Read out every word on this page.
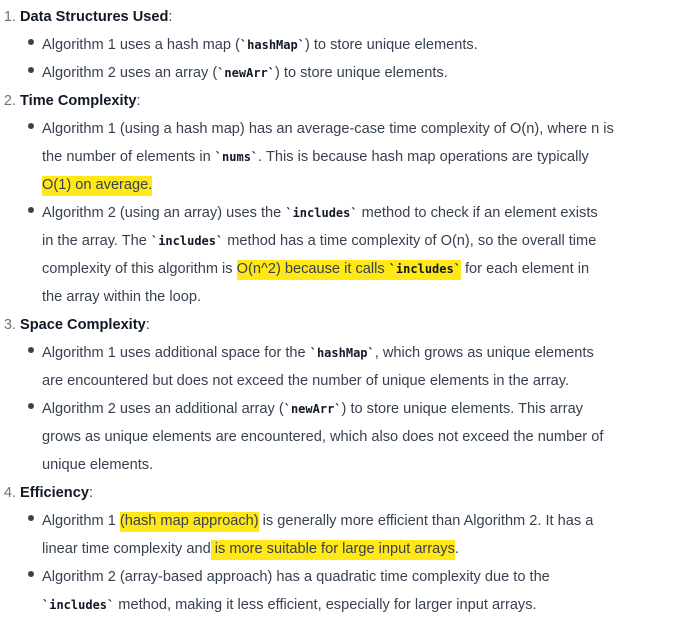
1. Data Structures Used:
Algorithm 1 uses a hash map (`hashMap`) to store unique elements.
Algorithm 2 uses an array (`newArr`) to store unique elements.
2. Time Complexity:
Algorithm 1 (using a hash map) has an average-case time complexity of O(n), where n is
the number of elements in `nums`. This is because hash map operations are typically
O(1) on average.
Algorithm 2 (using an array) uses the `includes` method to check if an element exists
in the array. The `includes` method has a time complexity of O(n), so the overall time
complexity of this algorithm is O(n^2) because it calls `includes` for each element in
the array within the loop.
3. Space Complexity:
Algorithm 1 uses additional space for the `hashMap`, which grows as unique elements
are encountered but does not exceed the number of unique elements in the array.
Algorithm 2 uses an additional array (`newArr`) to store unique elements. This array
grows as unique elements are encountered, which also does not exceed the number of
unique elements.
4. Efficiency:
Algorithm 1 (hash map approach) is generally more efficient than Algorithm 2. It has a
linear time complexity and is more suitable for large input arrays.
Algorithm 2 (array-based approach) has a quadratic time complexity due to the
`includes` method, making it less efficient, especially for larger input arrays.
